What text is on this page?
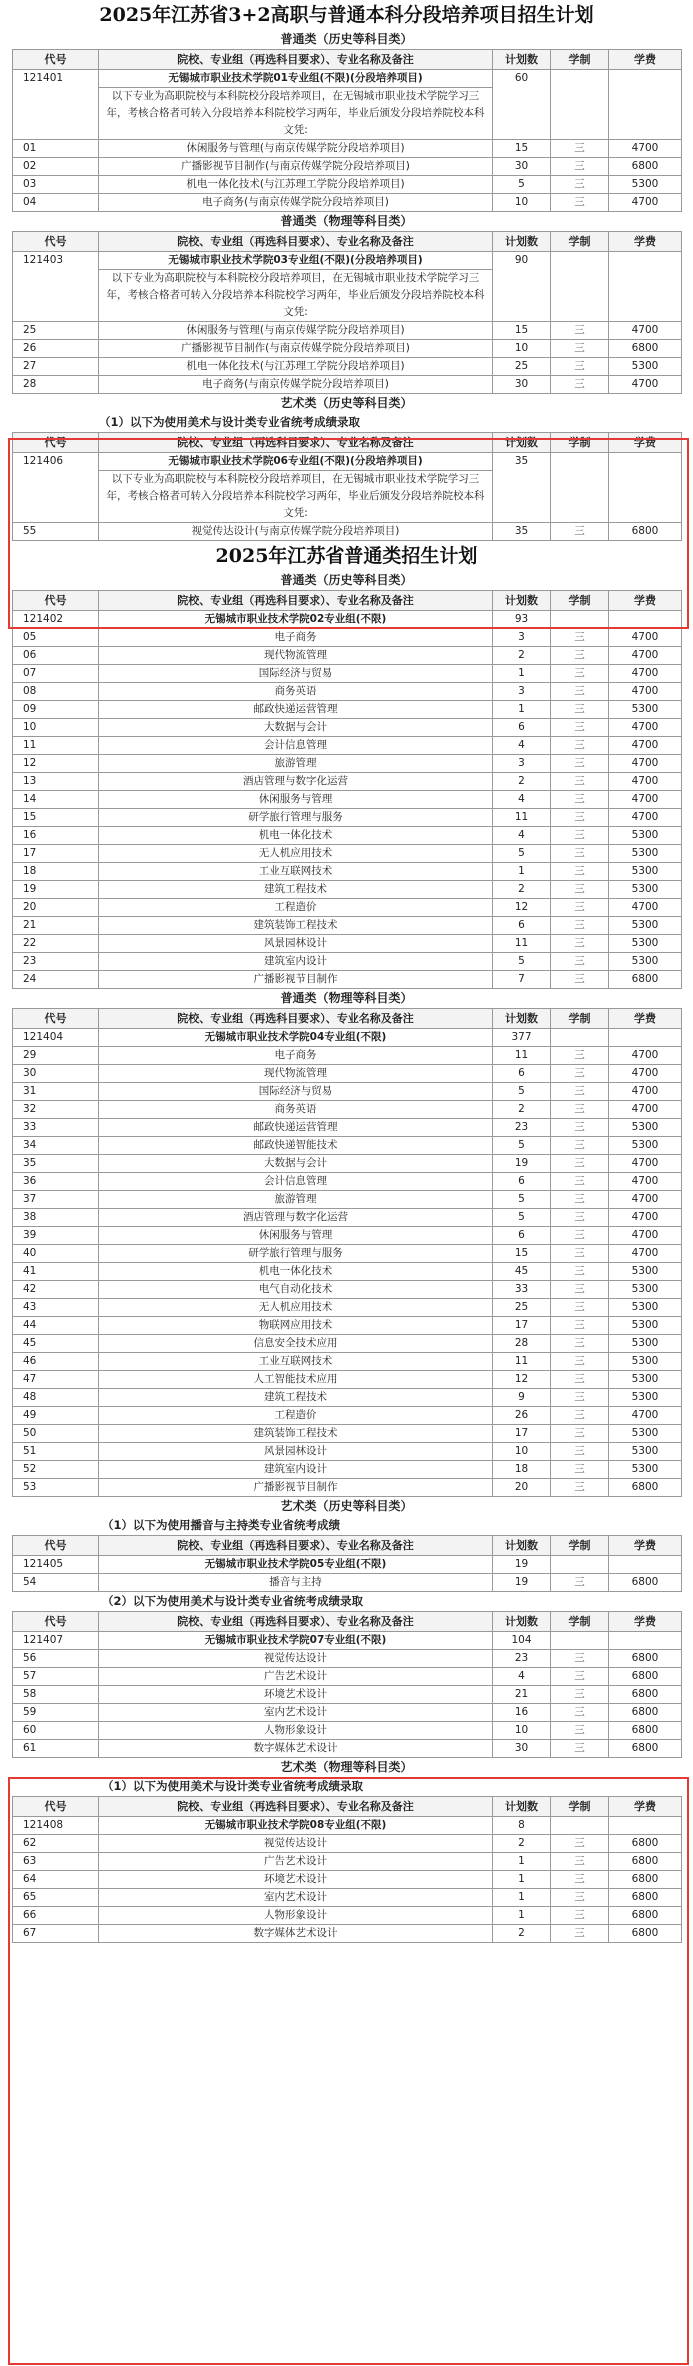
2025年江苏省3+2高职与普通本科分段培养项目招生计划
普通类（历史等科目类）
代号	院校、专业组（再选科目要求）、专业名称及备注	计划数	学制	学费
121401	无锡城市职业技术学院01专业组(不限)(分段培养项目)	60		
	以下专业为高职院校与本科院校分段培养项目，在无锡城市职业技术学院学习三年，考核合格者可转入分段培养本科院校学习两年，毕业后颁发分段培养院校本科文凭:			
01	休闲服务与管理(与南京传媒学院分段培养项目)	15	三	4700
02	广播影视节目制作(与南京传媒学院分段培养项目)	30	三	6800
03	机电一体化技术(与江苏理工学院分段培养项目)	5	三	5300
04	电子商务(与南京传媒学院分段培养项目)	10	三	4700
普通类（物理等科目类）
代号	院校、专业组（再选科目要求）、专业名称及备注	计划数	学制	学费
121403	无锡城市职业技术学院03专业组(不限)(分段培养项目)	90		
	以下专业为高职院校与本科院校分段培养项目，在无锡城市职业技术学院学习三年，考核合格者可转入分段培养本科院校学习两年，毕业后颁发分段培养院校本科文凭:			
25	休闲服务与管理(与南京传媒学院分段培养项目)	15	三	4700
26	广播影视节目制作(与南京传媒学院分段培养项目)	10	三	6800
27	机电一体化技术(与江苏理工学院分段培养项目)	25	三	5300
28	电子商务(与南京传媒学院分段培养项目)	30	三	4700
艺术类（历史等科目类）
（1）以下为使用美术与设计类专业省统考成绩录取
代号	院校、专业组（再选科目要求）、专业名称及备注	计划数	学制	学费
121406	无锡城市职业技术学院06专业组(不限)(分段培养项目)	35		
	以下专业为高职院校与本科院校分段培养项目，在无锡城市职业技术学院学习三年，考核合格者可转入分段培养本科院校学习两年，毕业后颁发分段培养院校本科文凭:			
55	视觉传达设计(与南京传媒学院分段培养项目)	35	三	6800
2025年江苏省普通类招生计划
普通类（历史等科目类）
代号	院校、专业组（再选科目要求）、专业名称及备注	计划数	学制	学费
121402	无锡城市职业技术学院02专业组(不限)	93		
05	电子商务	3	三	4700
06	现代物流管理	2	三	4700
07	国际经济与贸易	1	三	4700
08	商务英语	3	三	4700
09	邮政快递运营管理	1	三	5300
10	大数据与会计	6	三	4700
11	会计信息管理	4	三	4700
12	旅游管理	3	三	4700
13	酒店管理与数字化运营	2	三	4700
14	休闲服务与管理	4	三	4700
15	研学旅行管理与服务	11	三	4700
16	机电一体化技术	4	三	5300
17	无人机应用技术	5	三	5300
18	工业互联网技术	1	三	5300
19	建筑工程技术	2	三	5300
20	工程造价	12	三	4700
21	建筑装饰工程技术	6	三	5300
22	风景园林设计	11	三	5300
23	建筑室内设计	5	三	5300
24	广播影视节目制作	7	三	6800
普通类（物理等科目类）
代号	院校、专业组（再选科目要求）、专业名称及备注	计划数	学制	学费
121404	无锡城市职业技术学院04专业组(不限)	377		
29	电子商务	11	三	4700
30	现代物流管理	6	三	4700
31	国际经济与贸易	5	三	4700
32	商务英语	2	三	4700
33	邮政快递运营管理	23	三	5300
34	邮政快递智能技术	5	三	5300
35	大数据与会计	19	三	4700
36	会计信息管理	6	三	4700
37	旅游管理	5	三	4700
38	酒店管理与数字化运营	5	三	4700
39	休闲服务与管理	6	三	4700
40	研学旅行管理与服务	15	三	4700
41	机电一体化技术	45	三	5300
42	电气自动化技术	33	三	5300
43	无人机应用技术	25	三	5300
44	物联网应用技术	17	三	5300
45	信息安全技术应用	28	三	5300
46	工业互联网技术	11	三	5300
47	人工智能技术应用	12	三	5300
48	建筑工程技术	9	三	5300
49	工程造价	26	三	4700
50	建筑装饰工程技术	17	三	5300
51	风景园林设计	10	三	5300
52	建筑室内设计	18	三	5300
53	广播影视节目制作	20	三	6800
艺术类（历史等科目类）
（1）以下为使用播音与主持类专业省统考成绩
代号	院校、专业组（再选科目要求）、专业名称及备注	计划数	学制	学费
121405	无锡城市职业技术学院05专业组(不限)	19		
54	播音与主持	19	三	6800
（2）以下为使用美术与设计类专业省统考成绩录取
代号	院校、专业组（再选科目要求）、专业名称及备注	计划数	学制	学费
121407	无锡城市职业技术学院07专业组(不限)	104		
56	视觉传达设计	23	三	6800
57	广告艺术设计	4	三	6800
58	环境艺术设计	21	三	6800
59	室内艺术设计	16	三	6800
60	人物形象设计	10	三	6800
61	数字媒体艺术设计	30	三	6800
艺术类（物理等科目类）
（1）以下为使用美术与设计类专业省统考成绩录取
代号	院校、专业组（再选科目要求）、专业名称及备注	计划数	学制	学费
121408	无锡城市职业技术学院08专业组(不限)	8		
62	视觉传达设计	2	三	6800
63	广告艺术设计	1	三	6800
64	环境艺术设计	1	三	6800
65	室内艺术设计	1	三	6800
66	人物形象设计	1	三	6800
67	数字媒体艺术设计	2	三	6800
